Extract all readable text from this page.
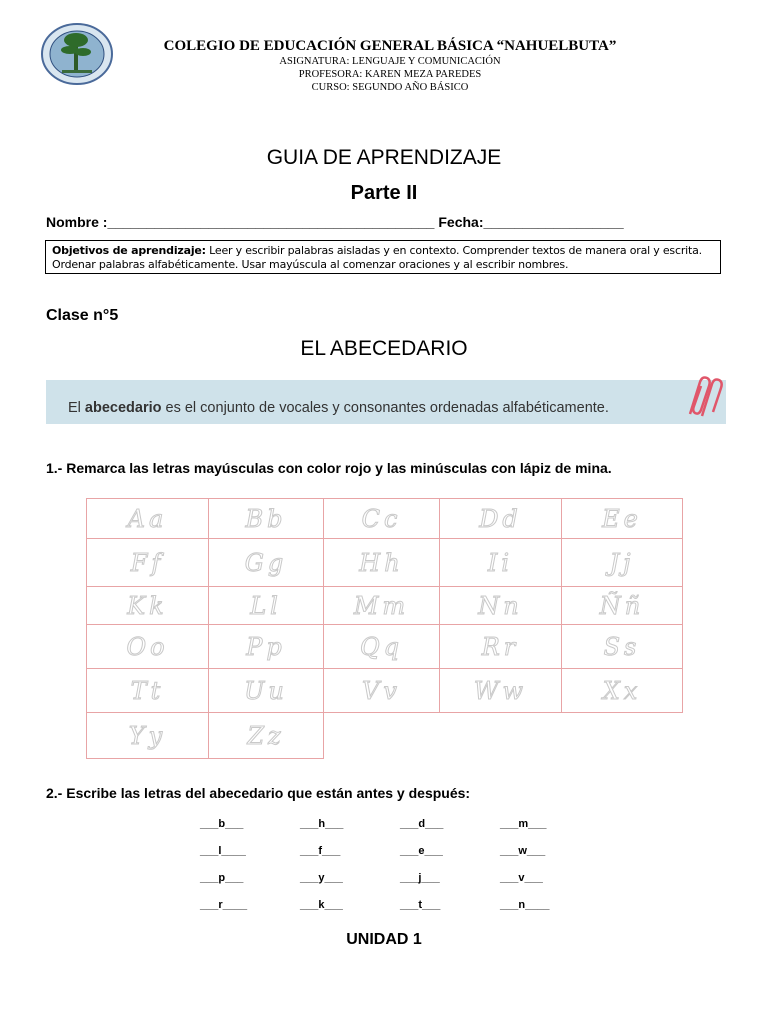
COLEGIO DE EDUCACIÓN GENERAL BÁSICA “NAHUELBUTA”
ASIGNATURA: LENGUAJE Y COMUNICACIÓN
PROFESORA: KAREN MEZA PAREDES
CURSO: SEGUNDO AÑO BÁSICO
GUIA DE APRENDIZAJE
Parte II
Nombre :__________________________________________ Fecha:__________________
Objetivos de aprendizaje: Leer y escribir palabras aisladas y en contexto. Comprender textos de manera oral y escrita. Ordenar palabras alfabéticamente. Usar mayúscula al comenzar oraciones y al escribir nombres.
Clase n°5
EL ABECEDARIO
El abecedario es el conjunto de vocales y consonantes ordenadas alfabéticamente.
1.- Remarca las letras mayúsculas con color rojo y las minúsculas con lápiz de mina.
Aa	Bb	Cc	Dd	Ee
Ff	Gg	Hh	Ii	Jj
Kk	Ll	Mm	Nn	Ññ
Oo	Pp	Qq	Rr	Ss
Tt	Uu	Vv	Ww	Xx
Yy	Zz
2.- Escribe las letras del abecedario que están antes y después:
___b___	___h___	___d___	___m___
___l____	___f___	___e___	___w___
___p___	___y___	___j___	___v___
___r____	___k___	___t___	___n____
UNIDAD 1
